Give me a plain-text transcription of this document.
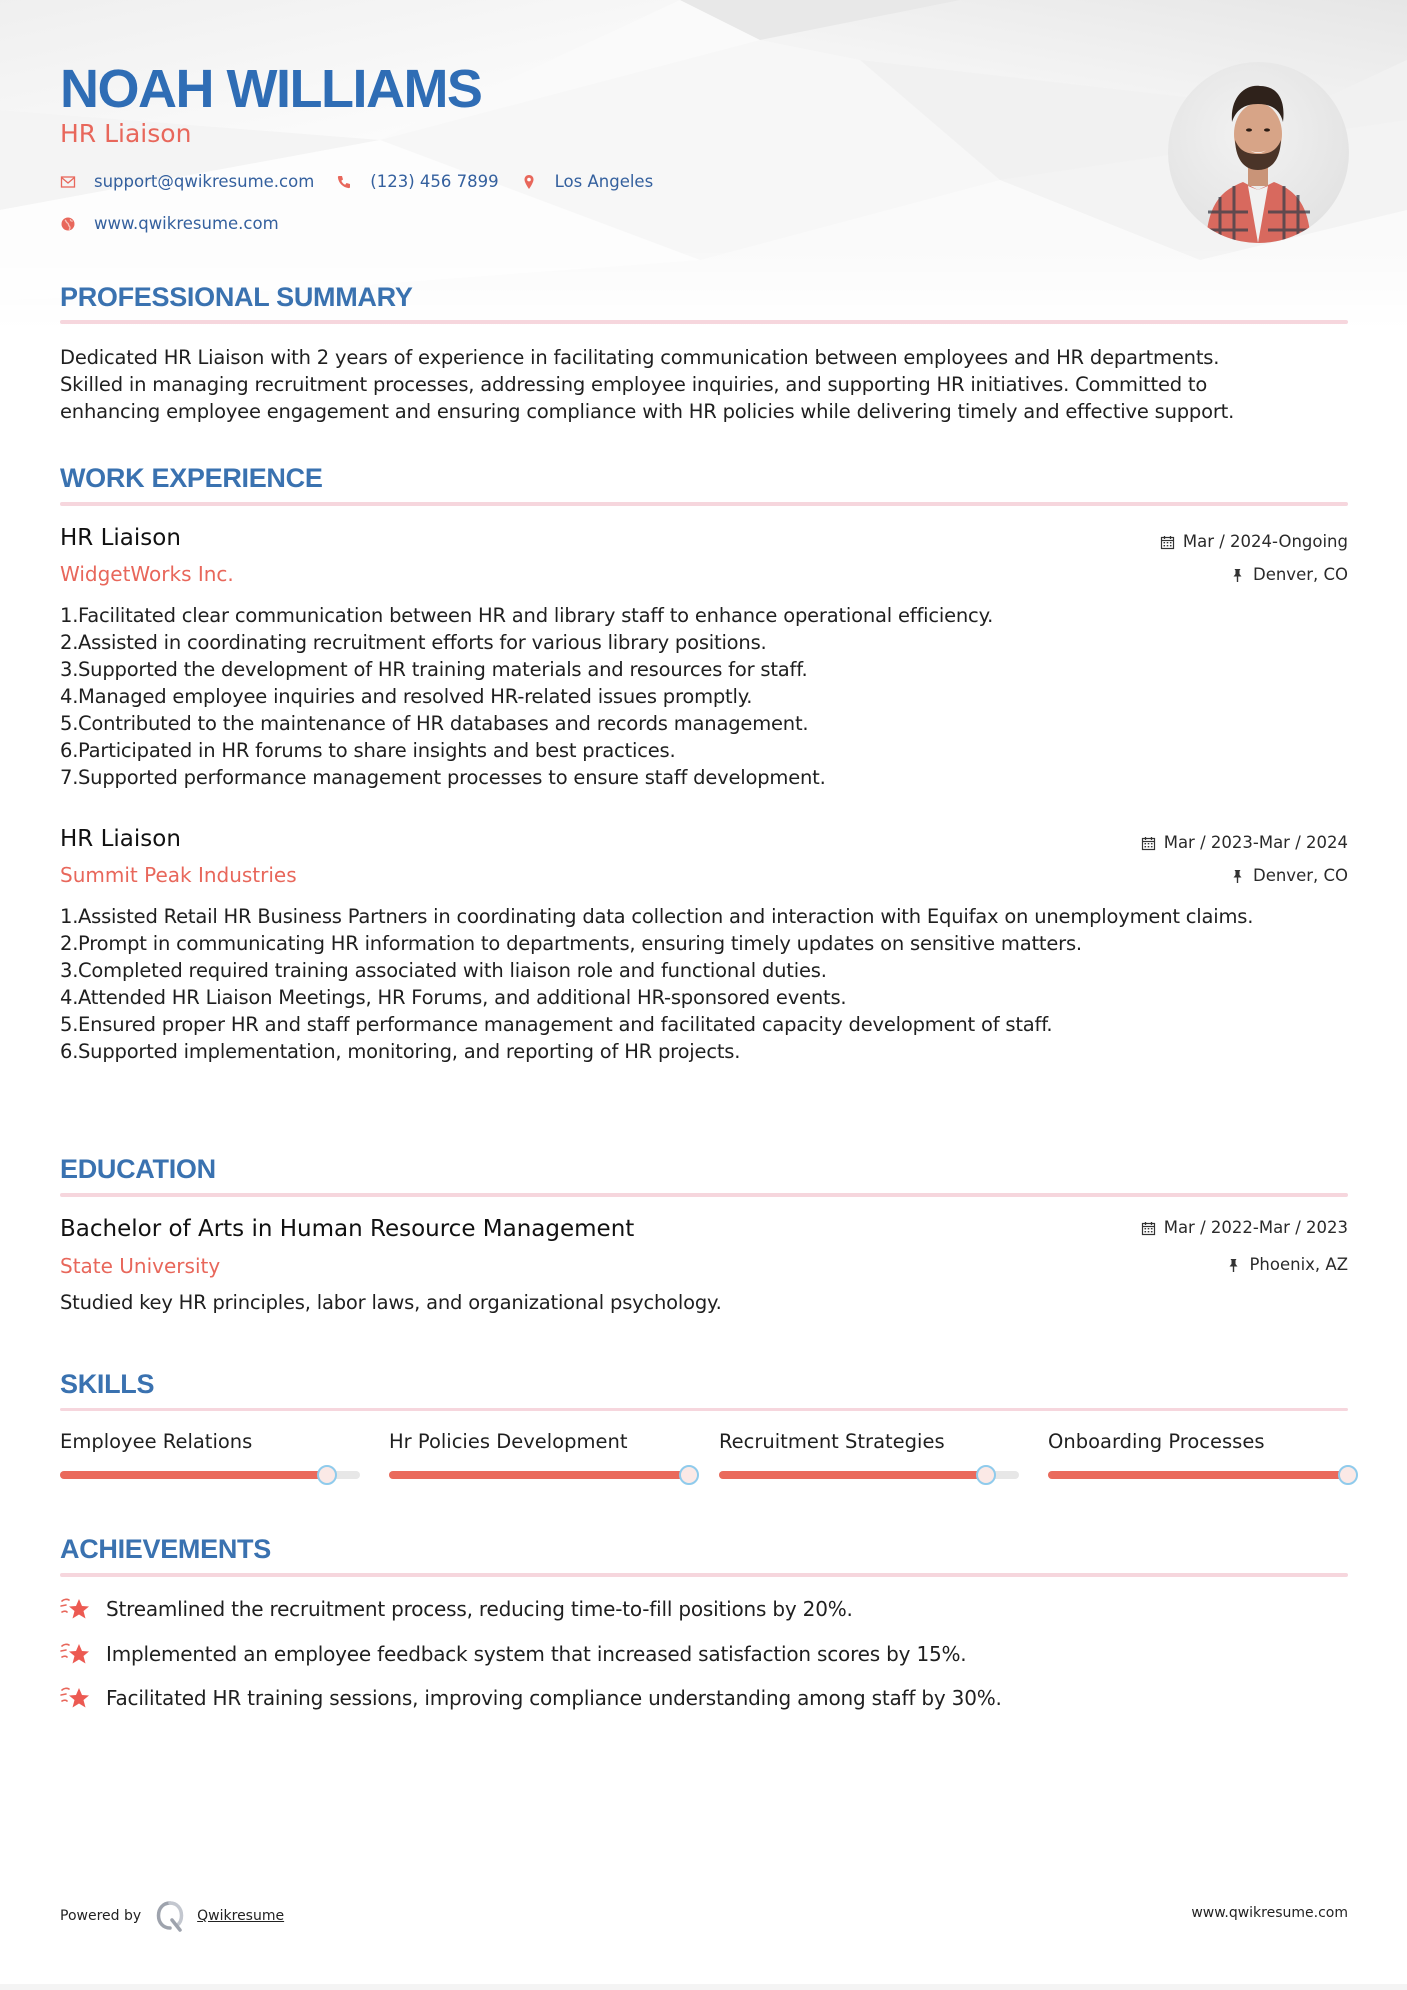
NOAH WILLIAMS
HR Liaison
support@qwikresume.com	(123) 456 7899	Los Angeles
www.qwikresume.com
PROFESSIONAL SUMMARY
Dedicated HR Liaison with 2 years of experience in facilitating communication between employees and HR departments.
Skilled in managing recruitment processes, addressing employee inquiries, and supporting HR initiatives. Committed to
enhancing employee engagement and ensuring compliance with HR policies while delivering timely and effective support.
WORK EXPERIENCE
HR Liaison
WidgetWorks Inc.
Mar / 2024-Ongoing
Denver, CO
1. Facilitated clear communication between HR and library staff to enhance operational efficiency.
2. Assisted in coordinating recruitment efforts for various library positions.
3. Supported the development of HR training materials and resources for staff.
4. Managed employee inquiries and resolved HR-related issues promptly.
5. Contributed to the maintenance of HR databases and records management.
6. Participated in HR forums to share insights and best practices.
7. Supported performance management processes to ensure staff development.
HR Liaison
Summit Peak Industries
Mar / 2023-Mar / 2024
Denver, CO
1. Assisted Retail HR Business Partners in coordinating data collection and interaction with Equifax on unemployment claims.
2. Prompt in communicating HR information to departments, ensuring timely updates on sensitive matters.
3. Completed required training associated with liaison role and functional duties.
4. Attended HR Liaison Meetings, HR Forums, and additional HR-sponsored events.
5. Ensured proper HR and staff performance management and facilitated capacity development of staff.
6. Supported implementation, monitoring, and reporting of HR projects.
EDUCATION
Bachelor of Arts in Human Resource Management
State University
Mar / 2022-Mar / 2023
Phoenix, AZ
Studied key HR principles, labor laws, and organizational psychology.
SKILLS
Employee Relations	Hr Policies Development	Recruitment Strategies	Onboarding Processes
ACHIEVEMENTS
Streamlined the recruitment process, reducing time-to-fill positions by 20%.
Implemented an employee feedback system that increased satisfaction scores by 15%.
Facilitated HR training sessions, improving compliance understanding among staff by 30%.
Powered by	Qwikresume	www.qwikresume.com
